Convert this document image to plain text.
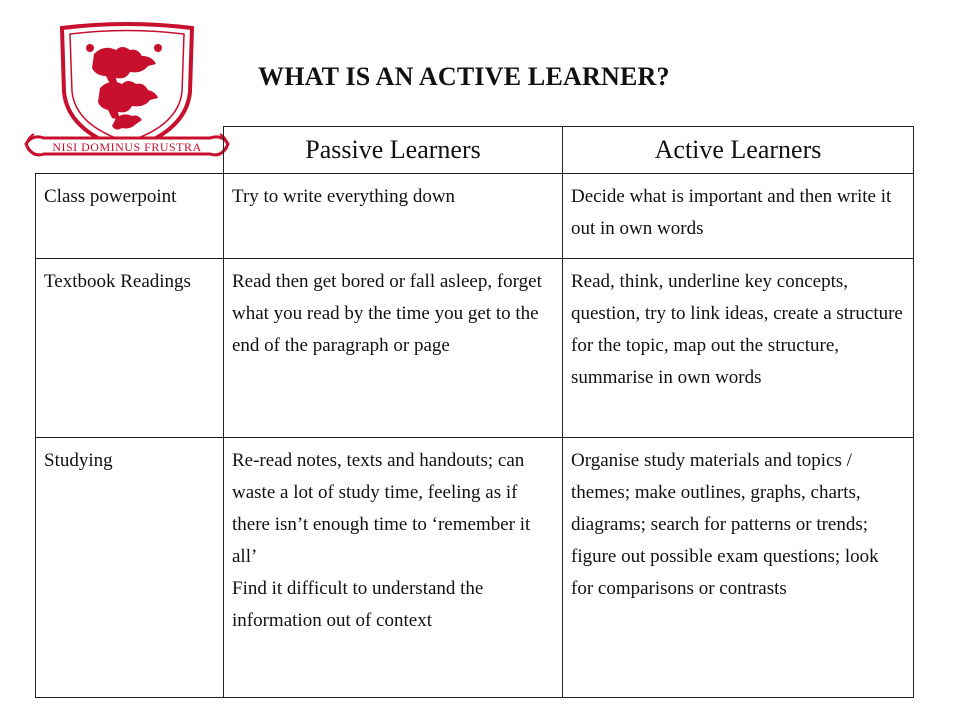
NISI DOMINUS FRUSTRA
WHAT IS AN ACTIVE LEARNER?
	Passive Learners	Active Learners
Class powerpoint	Try to write everything down	Decide what is important and then write it out in own words

Textbook Readings	Read then get bored or fall asleep, forget what you read by the time you get to the end of the paragraph or page	Read, think, underline key concepts, question, try to link ideas, create a structure for the topic, map out the structure, summarise in own words

Studying	Re-read notes, texts and handouts; can waste a lot of study time, feeling as if there isn’t enough time to ‘remember it all’
Find it difficult to understand the information out of context	Organise study materials and topics / themes; make outlines, graphs, charts, diagrams; search for patterns or trends; figure out possible exam questions; look for comparisons or contrasts
